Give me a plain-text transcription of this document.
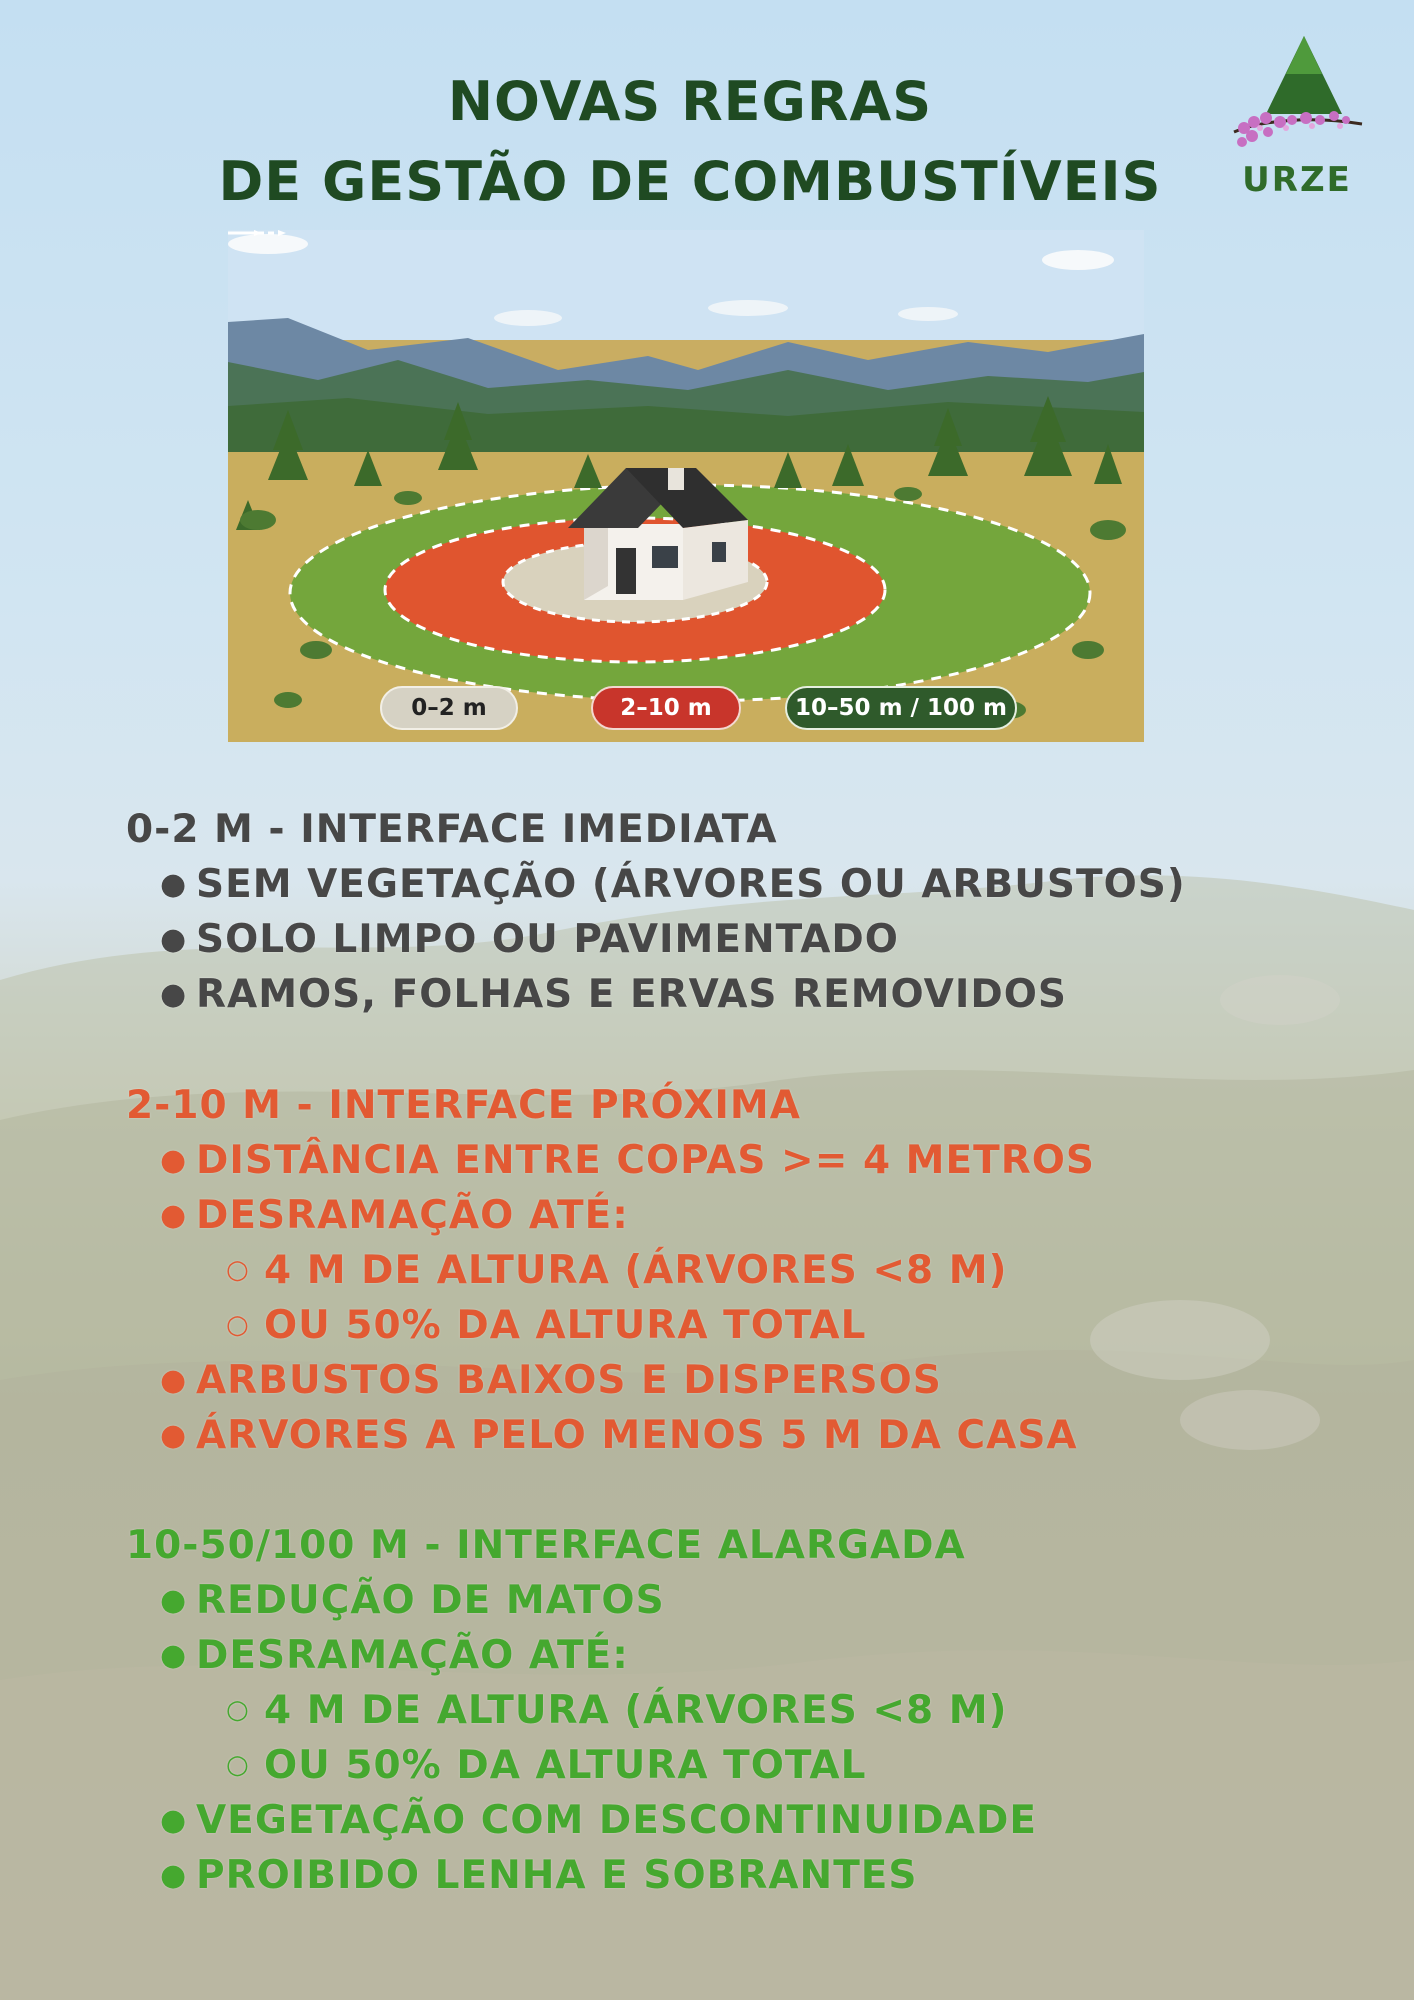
NOVAS REGRAS
DE GESTÃO DE COMBUSTÍVEIS	URZE
0–2 m	2–10 m	10–50 m / 100 m
0-2 M - INTERFACE IMEDIATA
● SEM VEGETAÇÃO (ÁRVORES OU ARBUSTOS)
● SOLO LIMPO OU PAVIMENTADO
● RAMOS, FOLHAS E ERVAS REMOVIDOS
2-10 M - INTERFACE PRÓXIMA
● DISTÂNCIA ENTRE COPAS >= 4 METROS
● DESRAMAÇÃO ATÉ:
○ 4 M DE ALTURA (ÁRVORES <8 M)
○ OU 50% DA ALTURA TOTAL
● ARBUSTOS BAIXOS E DISPERSOS
● ÁRVORES A PELO MENOS 5 M DA CASA
10-50/100 M - INTERFACE ALARGADA
● REDUÇÃO DE MATOS
● DESRAMAÇÃO ATÉ:
○ 4 M DE ALTURA (ÁRVORES <8 M)
○ OU 50% DA ALTURA TOTAL
● VEGETAÇÃO COM DESCONTINUIDADE
● PROIBIDO LENHA E SOBRANTES
